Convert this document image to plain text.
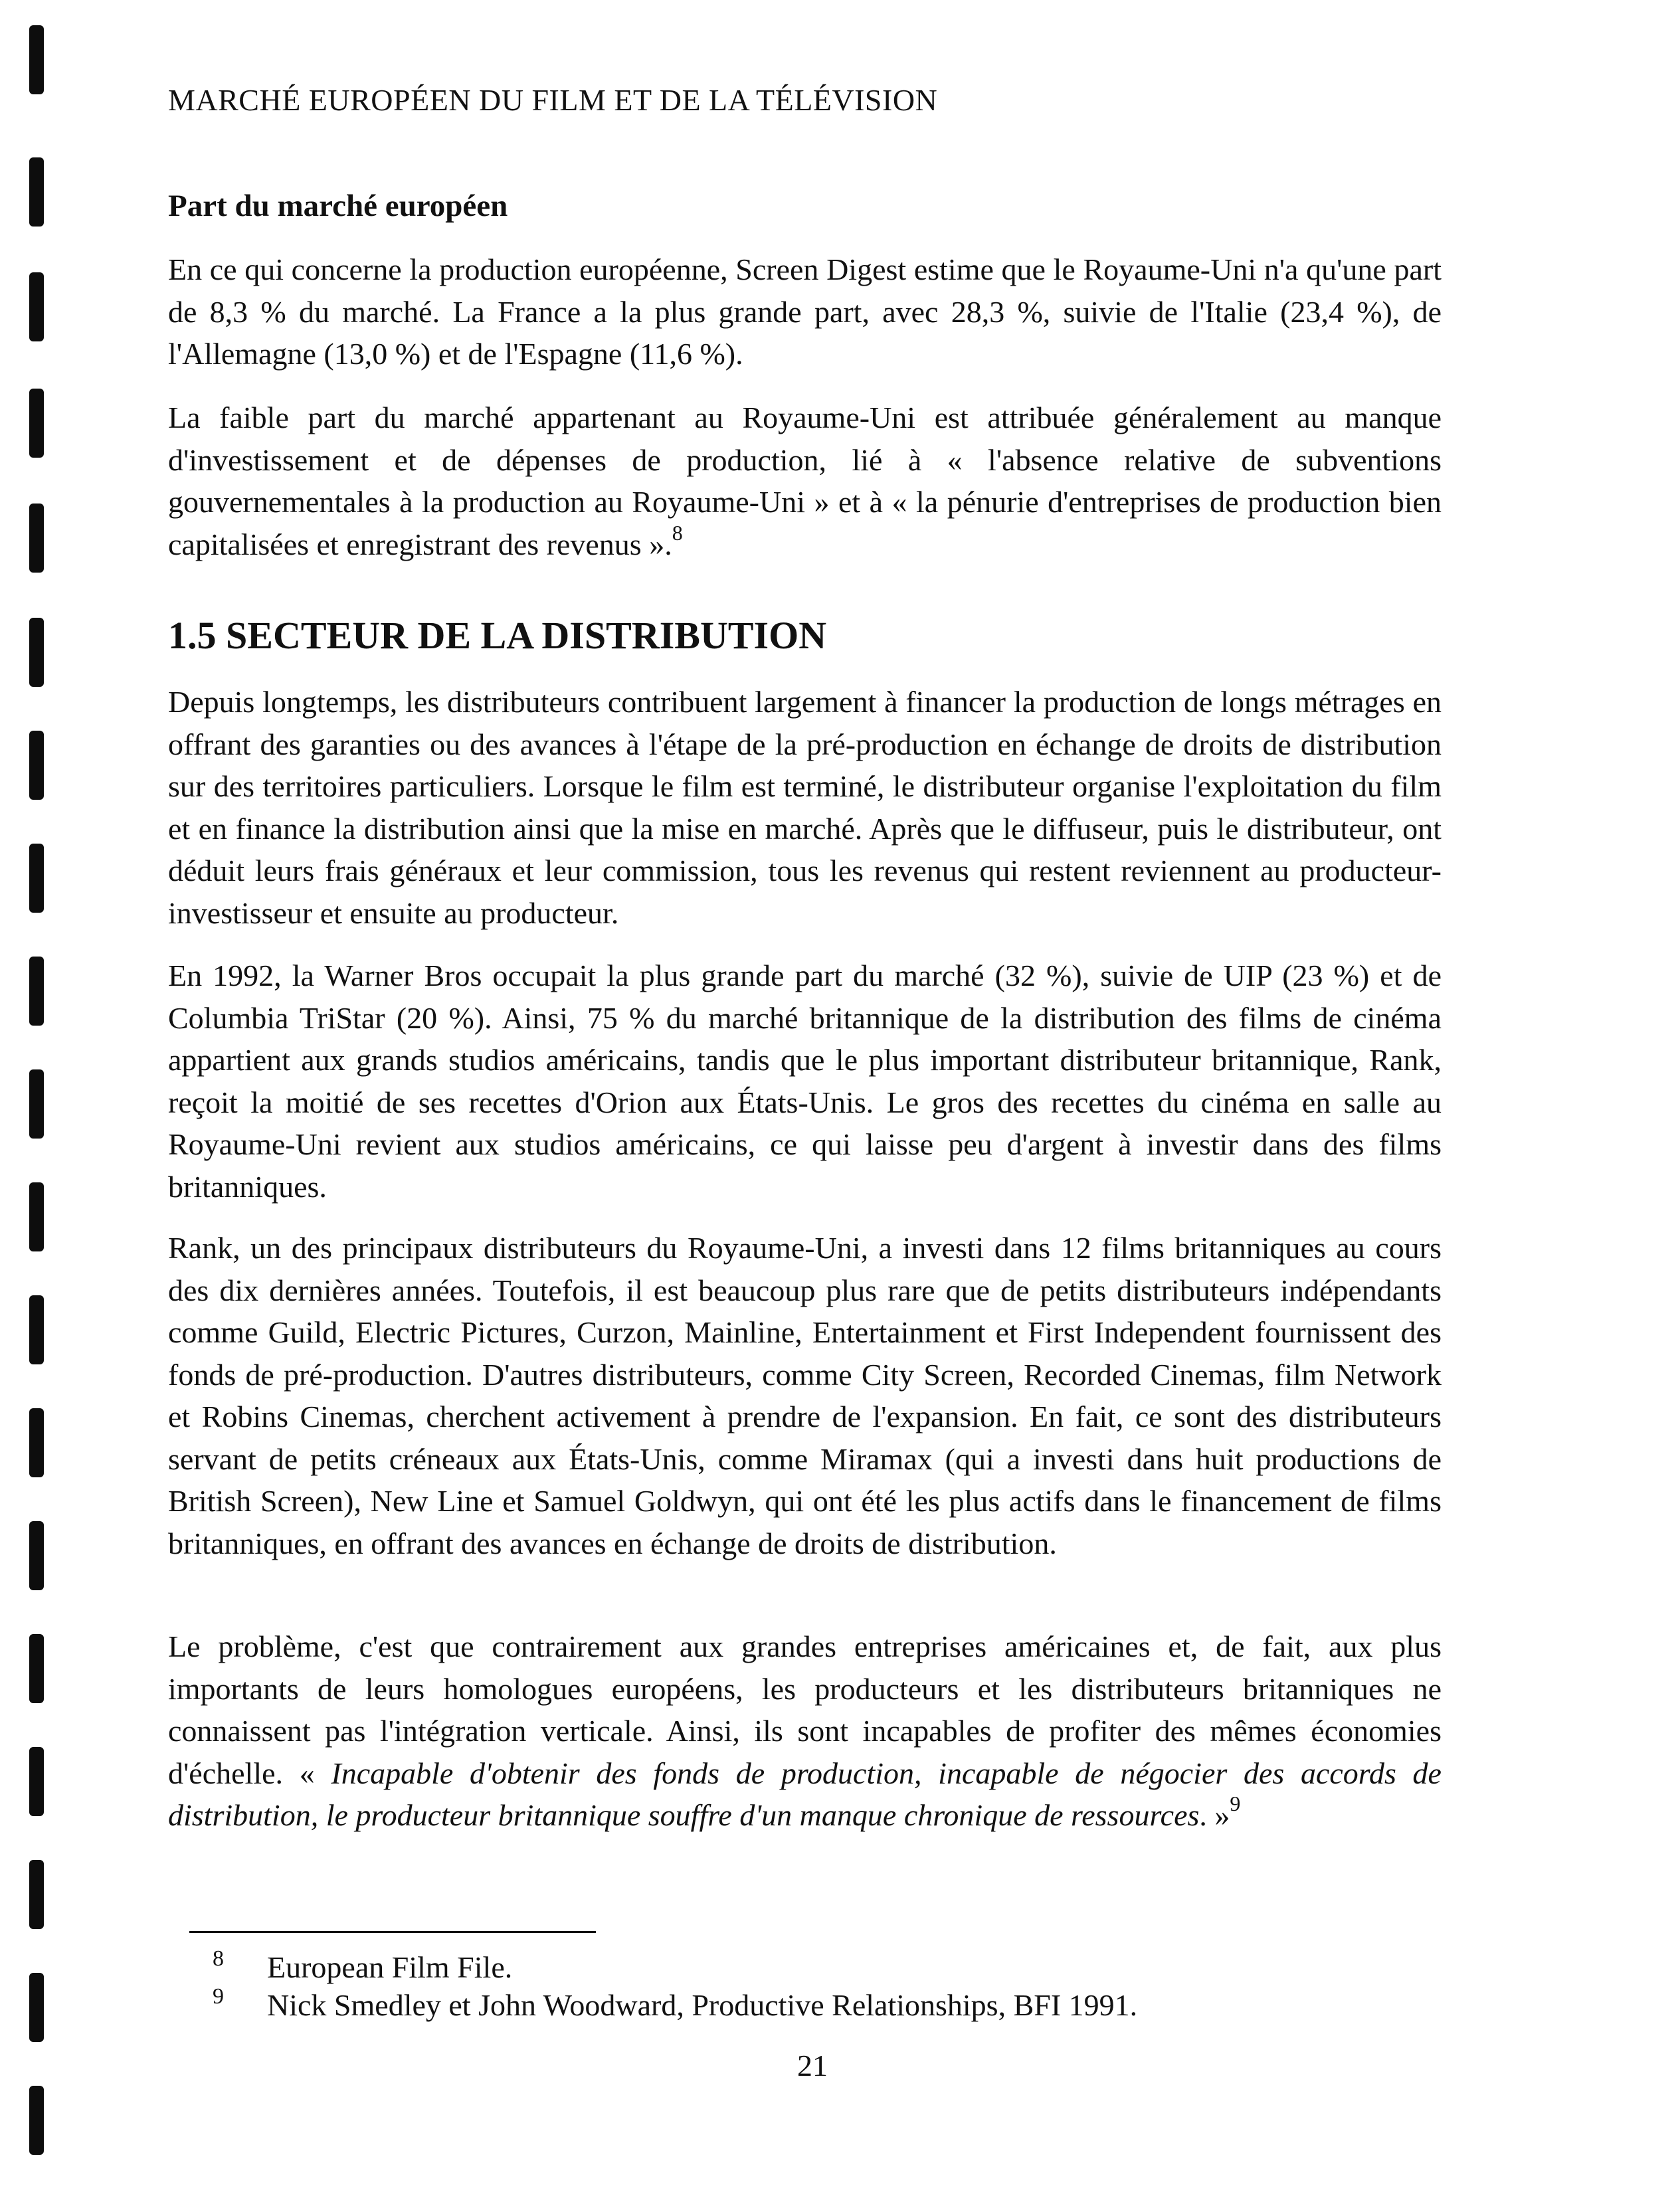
MARCHÉ EUROPÉEN DU FILM ET DE LA TÉLÉVISION
Part du marché européen

En ce qui concerne la production européenne, Screen Digest estime que le Royaume-Uni n'a qu'une part de 8,3 % du marché. La France a la plus grande part, avec 28,3 %, suivie de l'Italie (23,4 %), de l'Allemagne (13,0 %) et de l'Espagne (11,6 %).

La faible part du marché appartenant au Royaume-Uni est attribuée généralement au manque d'investissement et de dépenses de production, lié à « l'absence relative de subventions gouvernementales à la production au Royaume-Uni » et à « la pénurie d'entreprises de production bien capitalisées et enregistrant des revenus ».$^8$

1.5 SECTEUR DE LA DISTRIBUTION

Depuis longtemps, les distributeurs contribuent largement à financer la production de longs métrages en offrant des garanties ou des avances à l'étape de la pré-production en échange de droits de distribution sur des territoires particuliers. Lorsque le film est terminé, le distributeur organise l'exploitation du film et en finance la distribution ainsi que la mise en marché. Après que le diffuseur, puis le distributeur, ont déduit leurs frais généraux et leur commission, tous les revenus qui restent reviennent au producteur-investisseur et ensuite au producteur.

En 1992, la Warner Bros occupait la plus grande part du marché (32 %), suivie de UIP (23 %) et de Columbia TriStar (20 %). Ainsi, 75 % du marché britannique de la distribution des films de cinéma appartient aux grands studios américains, tandis que le plus important distributeur britannique, Rank, reçoit la moitié de ses recettes d'Orion aux États-Unis. Le gros des recettes du cinéma en salle au Royaume-Uni revient aux studios américains, ce qui laisse peu d'argent à investir dans des films britanniques.

Rank, un des principaux distributeurs du Royaume-Uni, a investi dans 12 films britanniques au cours des dix dernières années. Toutefois, il est beaucoup plus rare que de petits distributeurs indépendants comme Guild, Electric Pictures, Curzon, Mainline, Entertainment et First Independent fournissent des fonds de pré-production. D'autres distributeurs, comme City Screen, Recorded Cinemas, film Network et Robins Cinemas, cherchent activement à prendre de l'expansion. En fait, ce sont des distributeurs servant de petits créneaux aux États-Unis, comme Miramax (qui a investi dans huit productions de British Screen), New Line et Samuel Goldwyn, qui ont été les plus actifs dans le financement de films britanniques, en offrant des avances en échange de droits de distribution.

Le problème, c'est que contrairement aux grandes entreprises américaines et, de fait, aux plus importants de leurs homologues européens, les producteurs et les distributeurs britanniques ne connaissent pas l'intégration verticale. Ainsi, ils sont incapables de profiter des mêmes économies d'échelle. « Incapable d'obtenir des fonds de production, incapable de négocier des accords de distribution, le producteur britannique souffre d'un manque chronique de ressources. »$^9$

8 European Film File.

9 Nick Smedley et John Woodward, Productive Relationships, BFI 1991.

21
